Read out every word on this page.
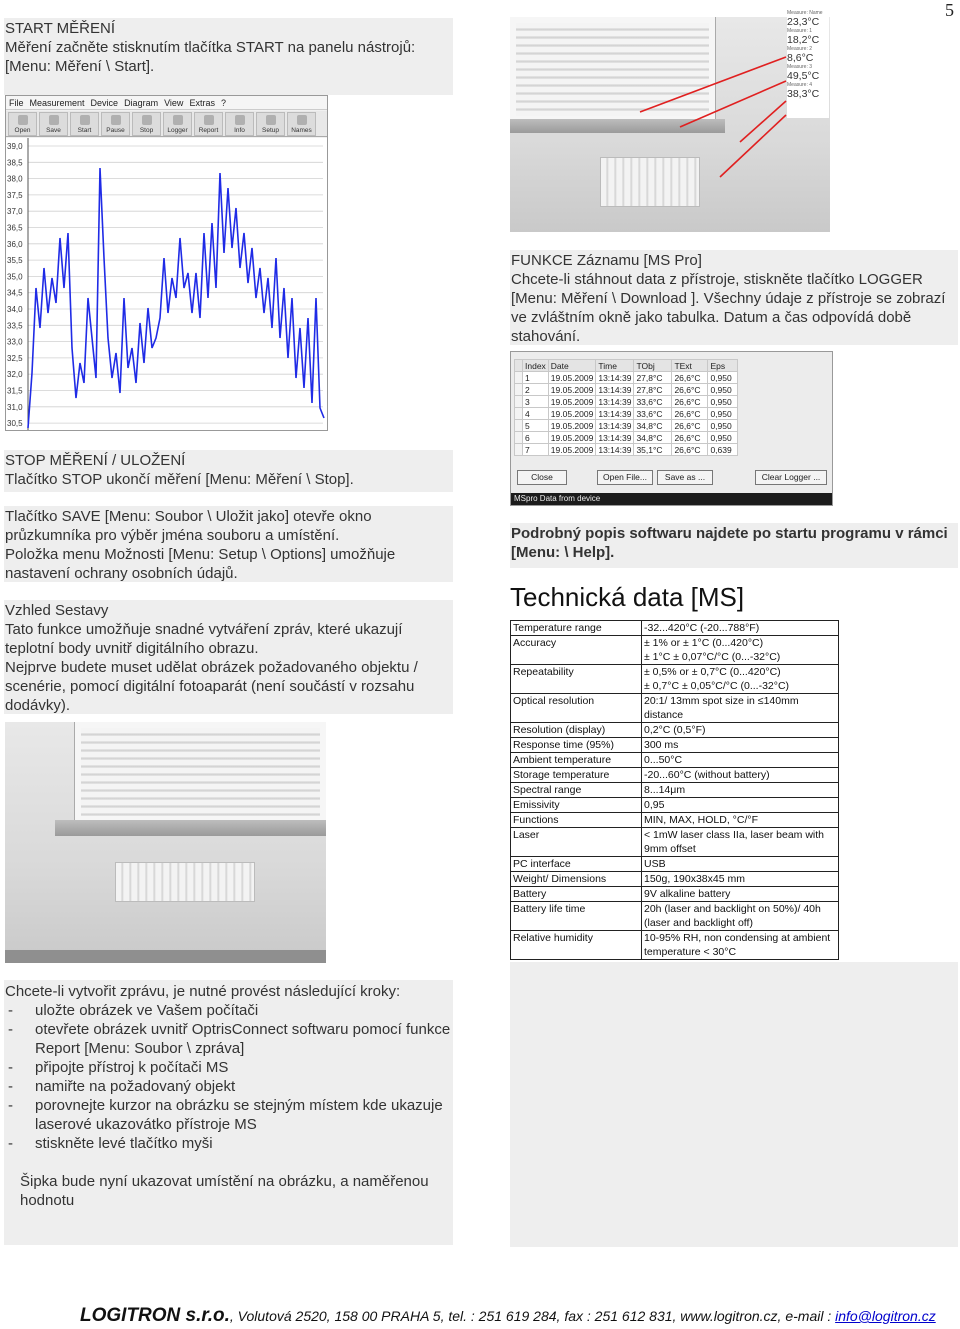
5
START MĚŘENÍ
Měření začněte stisknutím tlačítka START na panelu nástrojů:
[Menu: Měření \ Start].
File Measurement Device Diagram View Extras ?
Open Save	Start Pause Stop Logger Report Info	Setup Names
39,0
38,5
38,0
37,5
37,0
36,5
36,0
35,5
35,0
34,5
34,0
33,5
33,0
32,5
32,0
31,5
31,0
30,5
STOP MĚŘENÍ / ULOŽENÍ
Tlačítko STOP ukončí měření [Menu: Měření \ Stop].
Tlačítko SAVE [Menu: Soubor \ Uložit jako] otevře okno průzkumníka pro výběr jména souboru a umístění.
Položka menu Možnosti [Menu: Setup \ Options] umožňuje nastavení ochrany osobních údajů.
Vzhled Sestavy
Tato funkce umožňuje snadné vytváření zpráv, které ukazují teplotní body uvnitř digitálního obrazu.
Nejprve budete muset udělat obrázek požadovaného objektu / scenérie, pomocí digitální fotoaparát (není součástí v rozsahu dodávky).
Measure: Name
23,3°C
Measure: 1
18,2°C
Measure: 2
8,6°C
Measure: 3
49,5°C
Measure: 4
38,3°C
FUNKCE Záznamu [MS Pro]
Chcete-li stáhnout data z přístroje, stiskněte tlačítko LOGGER [Menu: Měření \ Download ]. Všechny údaje z přístroje se zobrazí ve zvláštním okně jako tabulka. Datum a čas odpovídá době stahování.
	Index	Date	Time	TObj	TExt	Eps
	1	19.05.2009	13:14:39	27,8°C	26,6°C	0,950
	2	19.05.2009	13:14:39	27,8°C	26,6°C	0,950
	3	19.05.2009	13:14:39	33,6°C	26,6°C	0,950
	4	19.05.2009	13:14:39	33,6°C	26,6°C	0,950
	5	19.05.2009	13:14:39	34,8°C	26,6°C	0,950
	6	19.05.2009	13:14:39	34,8°C	26,6°C	0,950
	7	19.05.2009	13:14:39	35,1°C	26,6°C	0,639
Close	Open File...	Save as ...	Clear Logger ...
MSpro Data from device
Podrobný popis softwaru najdete po startu programu v rámci [Menu: \ Help].
Technická data [MS]
Temperature range	-32...420°C (-20...788°F)

Accuracy	± 1% or ± 1°C (0...420°C)
± 1°C ± 0,07°C/°C (0...-32°C)

Repeatability	± 0,5% or ± 0,7°C (0...420°C)
± 0,7°C ± 0,05°C/°C (0...-32°C)

Optical resolution	20:1/ 13mm spot size in ≤140mm distance

Resolution (display)	0,2°C (0,5°F)

Response time (95%)	300 ms

Ambient temperature	0...50°C

Storage temperature	-20...60°C (without battery)

Spectral range	8...14μm

Emissivity	0,95

Functions	MIN, MAX, HOLD, °C/°F

Laser	< 1mW laser class IIa, laser beam with 9mm offset

PC interface	USB

Weight/ Dimensions	150g, 190x38x45 mm

Battery	9V alkaline battery

Battery life time	20h (laser and backlight on 50%)/ 40h (laser and backlight off)

Relative humidity	10-95% RH, non condensing at ambient temperature < 30°C
Chcete-li vytvořit zprávu, je nutné provést následující kroky:
- uložte obrázek ve Vašem počítači
- otevřete obrázek uvnitř OptrisConnect softwaru pomocí funkce Report [Menu: Soubor \ zpráva]
- připojte přístroj k počítači MS
- namiřte na požadovaný objekt
- porovnejte kurzor na obrázku se stejným místem kde ukazuje laserové ukazovátko přístroje MS
- stiskněte levé tlačítko myši
Šipka bude nyní ukazovat umístění na obrázku, a naměřenou hodnotu
LOGITRON s.r.o., Volutová 2520, 158 00 PRAHA 5, tel. : 251 619 284, fax : 251 612 831, www.logitron.cz, e-mail : info@logitron.cz
